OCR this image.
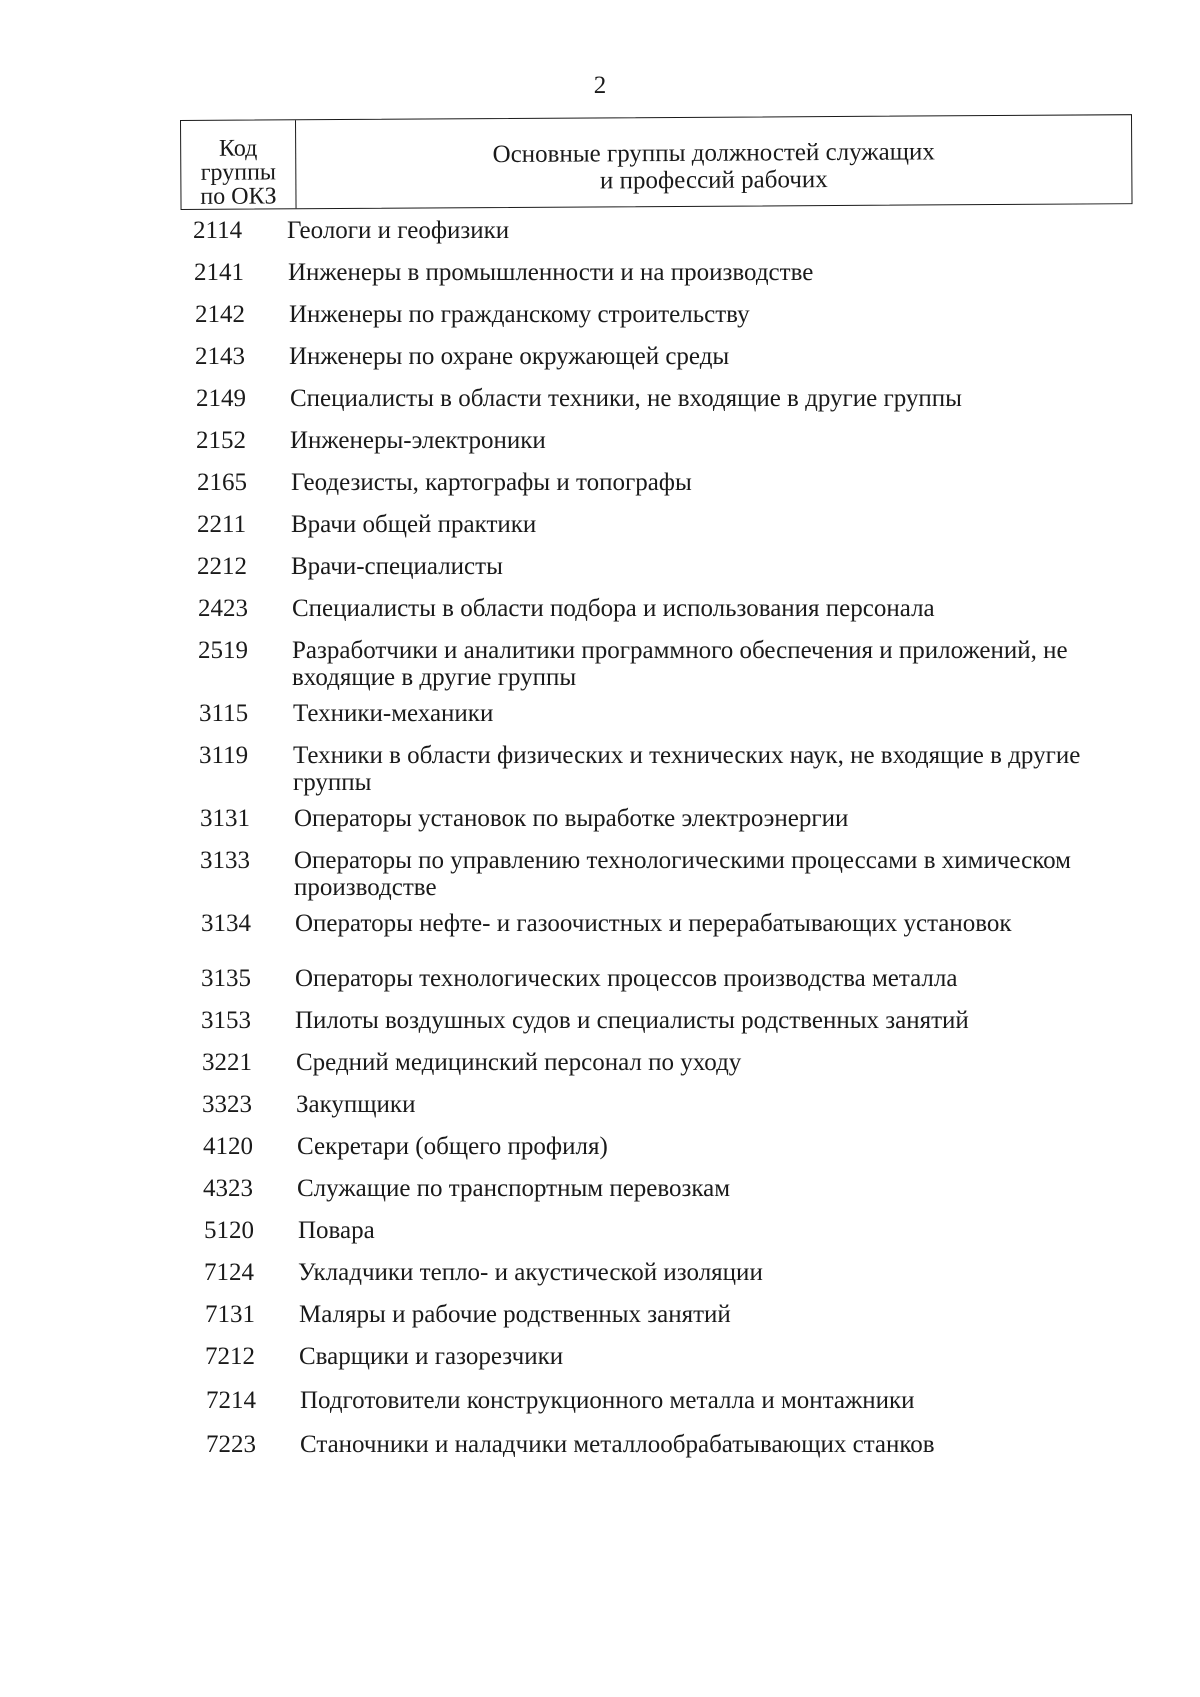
2
Код
группы
по ОКЗ
Основные группы должностей служащих
и профессий рабочих
2114	Геологи и геофизики
2141	Инженеры в промышленности и на производстве
2142	Инженеры по гражданскому строительству
2143	Инженеры по охране окружающей среды
2149	Специалисты в области техники, не входящие в другие группы
2152	Инженеры-электроники
2165	Геодезисты, картографы и топографы
2211	Врачи общей практики
2212	Врачи-специалисты
2423	Специалисты в области подбора и использования персонала
2519	Разработчики и аналитики программного обеспечения и приложений, не входящие в другие группы
3115	Техники-механики
3119	Техники в области физических и технических наук, не входящие в другие группы
3131	Операторы установок по выработке электроэнергии
3133	Операторы по управлению технологическими процессами в химическом производстве
3134	Операторы нефте- и газоочистных и перерабатывающих установок
3135	Операторы технологических процессов производства металла
3153	Пилоты воздушных судов и специалисты родственных занятий
3221	Средний медицинский персонал по уходу
3323	Закупщики
4120	Секретари (общего профиля)
4323	Служащие по транспортным перевозкам
5120	Повара
7124	Укладчики тепло- и акустической изоляции
7131	Маляры и рабочие родственных занятий
7212	Сварщики и газорезчики
7214	Подготовители конструкционного металла и монтажники
7223	Станочники и наладчики металлообрабатывающих станков
